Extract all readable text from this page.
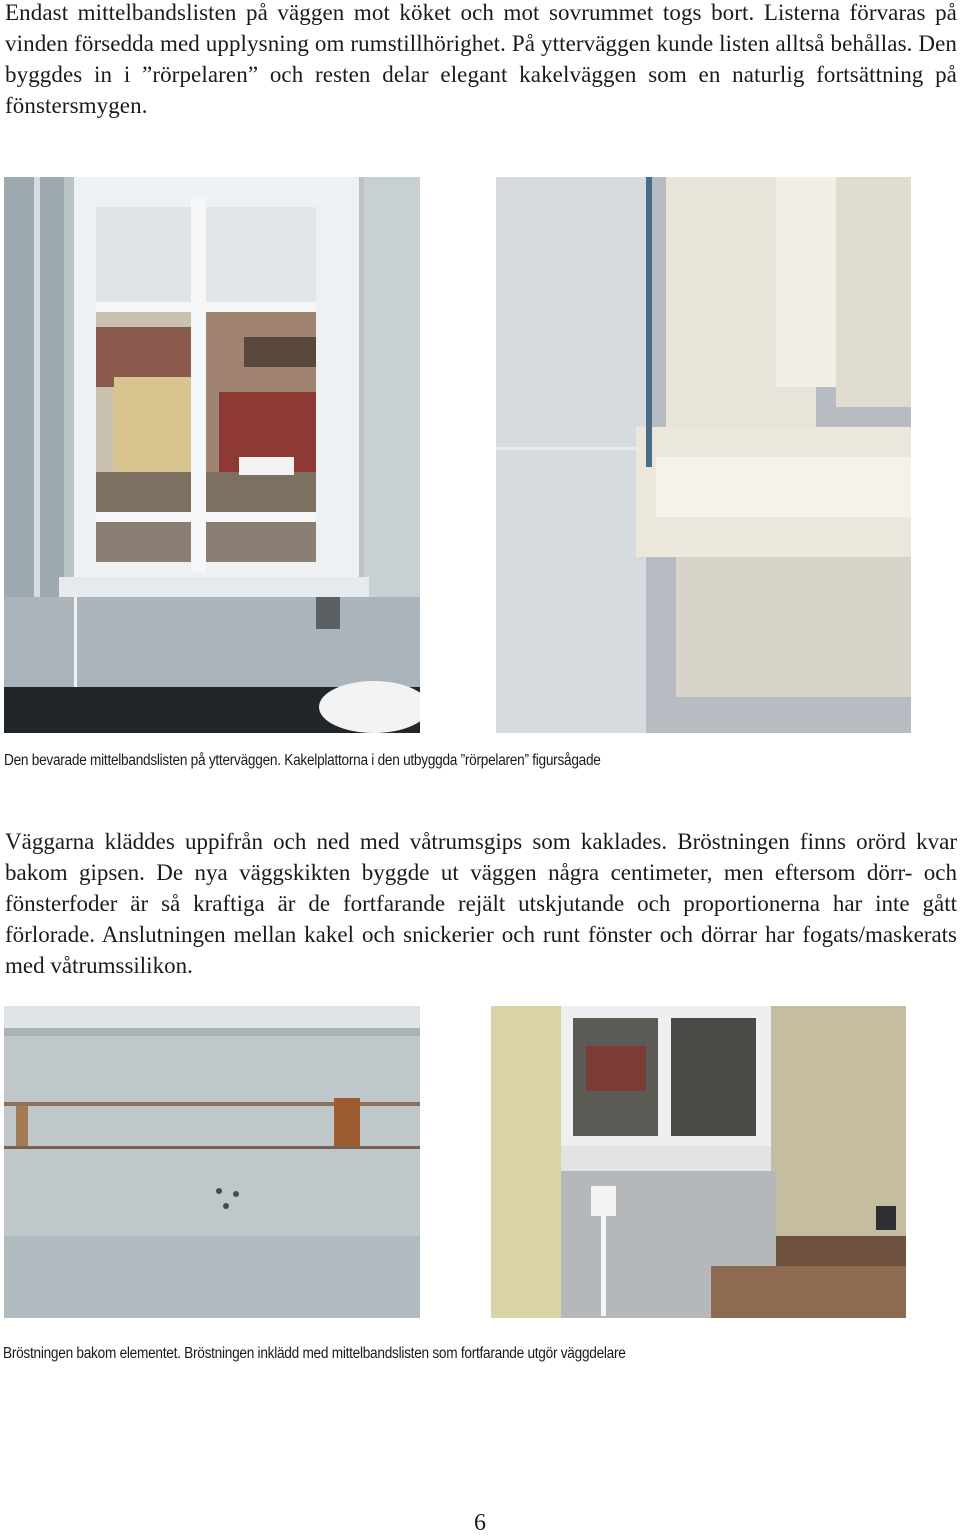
Endast mittelbandslisten på väggen mot köket och mot sovrummet togs bort. Listerna förvaras på vinden försedda med upplysning om rumstillhörighet. På ytterväggen kunde listen alltså behållas. Den byggdes in i ”rörpelaren” och resten delar elegant kakelväggen som en naturlig fortsättning på fönstersmygen.
Den bevarade mittelbandslisten på ytterväggen. Kakelplattorna i den utbyggda ”rörpelaren” figursågade
Väggarna kläddes uppifrån och ned med våtrumsgips som kaklades. Bröstningen finns orörd kvar bakom gipsen. De nya väggskikten byggde ut väggen några centimeter, men eftersom dörr- och fönsterfoder är så kraftiga är de fortfarande rejält utskjutande och proportionerna har inte gått förlorade. Anslutningen mellan kakel och snickerier och runt fönster och dörrar har fogats/maskerats med våtrumssilikon.
Bröstningen bakom elementet. Bröstningen inklädd med mittelbandslisten som fortfarande utgör väggdelare
6
